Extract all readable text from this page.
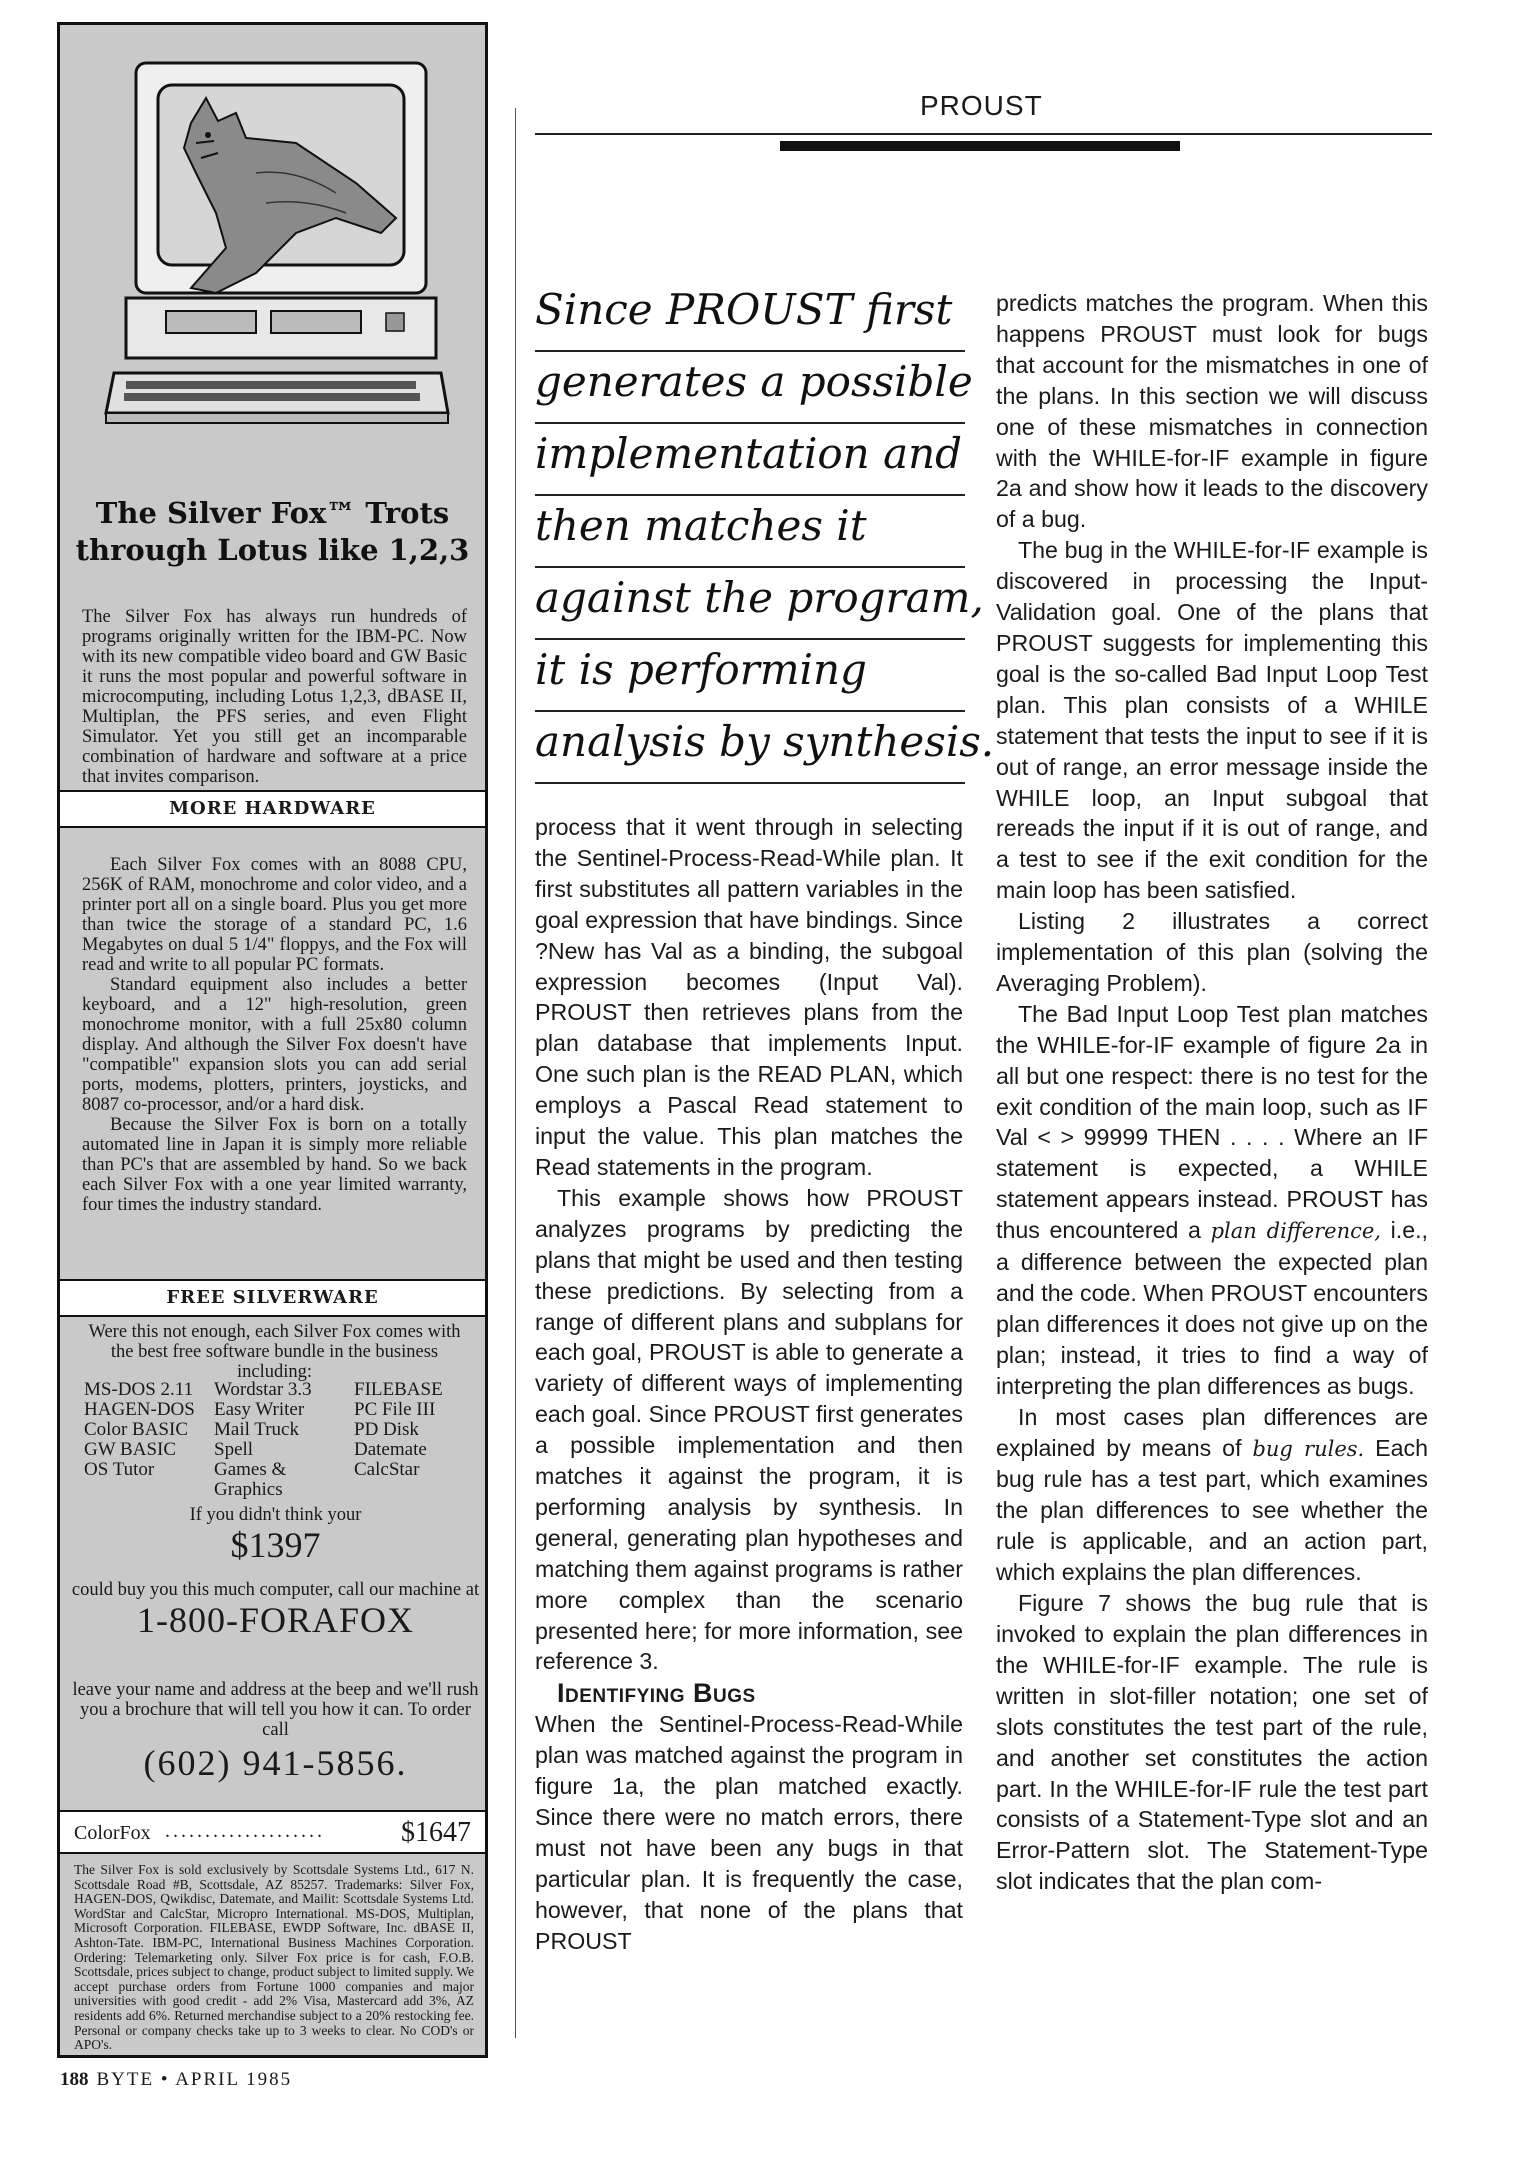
The Silver Fox™ Trots
through Lotus like 1,2,3
The Silver Fox has always run hundreds of programs originally written for the IBM-PC. Now with its new compatible video board and GW Basic it runs the most popular and powerful software in microcomputing, including Lotus 1,2,3, dBASE II, Multiplan, the PFS series, and even Flight Simulator. Yet you still get an incomparable combination of hardware and software at a price that invites comparison.
MORE HARDWARE

Each Silver Fox comes with an 8088 CPU, 256K of RAM, monochrome and color video, and a printer port all on a single board. Plus you get more than twice the storage of a standard PC, 1.6 Megabytes on dual 5 1/4" floppys, and the Fox will read and write to all popular PC formats.

Standard equipment also includes a better keyboard, and a 12" high-resolution, green monochrome monitor, with a full 25x80 column display. And although the Silver Fox doesn't have "compatible" expansion slots you can add serial ports, modems, plotters, printers, joysticks, and 8087 co-processor, and/or a hard disk.

Because the Silver Fox is born on a totally automated line in Japan it is simply more reliable than PC's that are assembled by hand. So we back each Silver Fox with a one year limited warranty, four times the industry standard.

FREE SILVERWARE
Were this not enough, each Silver Fox comes with the best free software bundle in the business including:
MS-DOS 2.11
HAGEN-DOS
Color BASIC
GW BASIC
OS Tutor
Wordstar 3.3
Easy Writer
Mail Truck
Spell
Games &
Graphics
FILEBASE
PC File III
PD Disk
Datemate
CalcStar
If you didn't think your
$1397
could buy you this much computer, call our machine at
1-800-FORAFOX
leave your name and address at the beep and we'll rush you a brochure that will tell you how it can. To order call
(602) 941-5856.
ColorFox ....................	$1647
The Silver Fox is sold exclusively by Scottsdale Systems Ltd., 617 N. Scottsdale Road #B, Scottsdale, AZ 85257. Trademarks: Silver Fox, HAGEN-DOS, Qwikdisc, Datemate, and Mailit: Scottsdale Systems Ltd. WordStar and CalcStar, Micropro International. MS-DOS, Multiplan, Microsoft Corporation. FILEBASE, EWDP Software, Inc. dBASE II, Ashton-Tate. IBM-PC, International Business Machines Corporation. Ordering: Telemarketing only. Silver Fox price is for cash, F.O.B. Scottsdale, prices subject to change, product subject to limited supply. We accept purchase orders from Fortune 1000 companies and major universities with good credit - add 2% Visa, Mastercard add 3%, AZ residents add 6%. Returned merchandise subject to a 20% restocking fee. Personal or company checks take up to 3 weeks to clear. No COD's or APO's.
188 BYTE • APRIL 1985
PROUST
Since PROUST first
generates a possible
implementation and
then matches it
against the program,
it is performing
analysis by synthesis.

process that it went through in selecting the Sentinel-Process-Read-While plan. It first substitutes all pattern variables in the goal expression that have bindings. Since ?New has Val as a binding, the subgoal expression becomes (Input Val). PROUST then retrieves plans from the plan database that implements Input. One such plan is the READ PLAN, which employs a Pascal Read statement to input the value. This plan matches the Read statements in the program.

This example shows how PROUST analyzes programs by predicting the plans that might be used and then testing these predictions. By selecting from a range of different plans and subplans for each goal, PROUST is able to generate a variety of different ways of implementing each goal. Since PROUST first generates a possible implementation and then matches it against the program, it is performing analysis by synthesis. In general, generating plan hypotheses and matching them against programs is rather more complex than the scenario presented here; for more information, see reference 3.

Identifying Bugs

When the Sentinel-Process-Read-While plan was matched against the program in figure 1a, the plan matched exactly. Since there were no match errors, there must not have been any bugs in that particular plan. It is frequently the case, however, that none of the plans that PROUST

predicts matches the program. When this happens PROUST must look for bugs that account for the mismatches in one of the plans. In this section we will discuss one of these mismatches in connection with the WHILE-for-IF example in figure 2a and show how it leads to the discovery of a bug.

The bug in the WHILE-for-IF example is discovered in processing the Input-Validation goal. One of the plans that PROUST suggests for implementing this goal is the so-called Bad Input Loop Test plan. This plan consists of a WHILE statement that tests the input to see if it is out of range, an error message inside the WHILE loop, an Input subgoal that rereads the input if it is out of range, and a test to see if the exit condition for the main loop has been satisfied.

Listing 2 illustrates a correct implementation of this plan (solving the Averaging Problem).

The Bad Input Loop Test plan matches the WHILE-for-IF example of figure 2a in all but one respect: there is no test for the exit condition of the main loop, such as IF Val < > 99999 THEN . . . . Where an IF statement is expected, a WHILE statement appears instead. PROUST has thus encountered a plan difference, i.e., a difference between the expected plan and the code. When PROUST encounters plan differences it does not give up on the plan; instead, it tries to find a way of interpreting the plan differences as bugs.

In most cases plan differences are explained by means of bug rules. Each bug rule has a test part, which examines the plan differences to see whether the rule is applicable, and an action part, which explains the plan differences.

Figure 7 shows the bug rule that is invoked to explain the plan differences in the WHILE-for-IF example. The rule is written in slot-filler notation; one set of slots constitutes the test part of the rule, and another set constitutes the action part. In the WHILE-for-IF rule the test part consists of a Statement-Type slot and an Error-Pattern slot. The Statement-Type slot indicates that the plan com-
